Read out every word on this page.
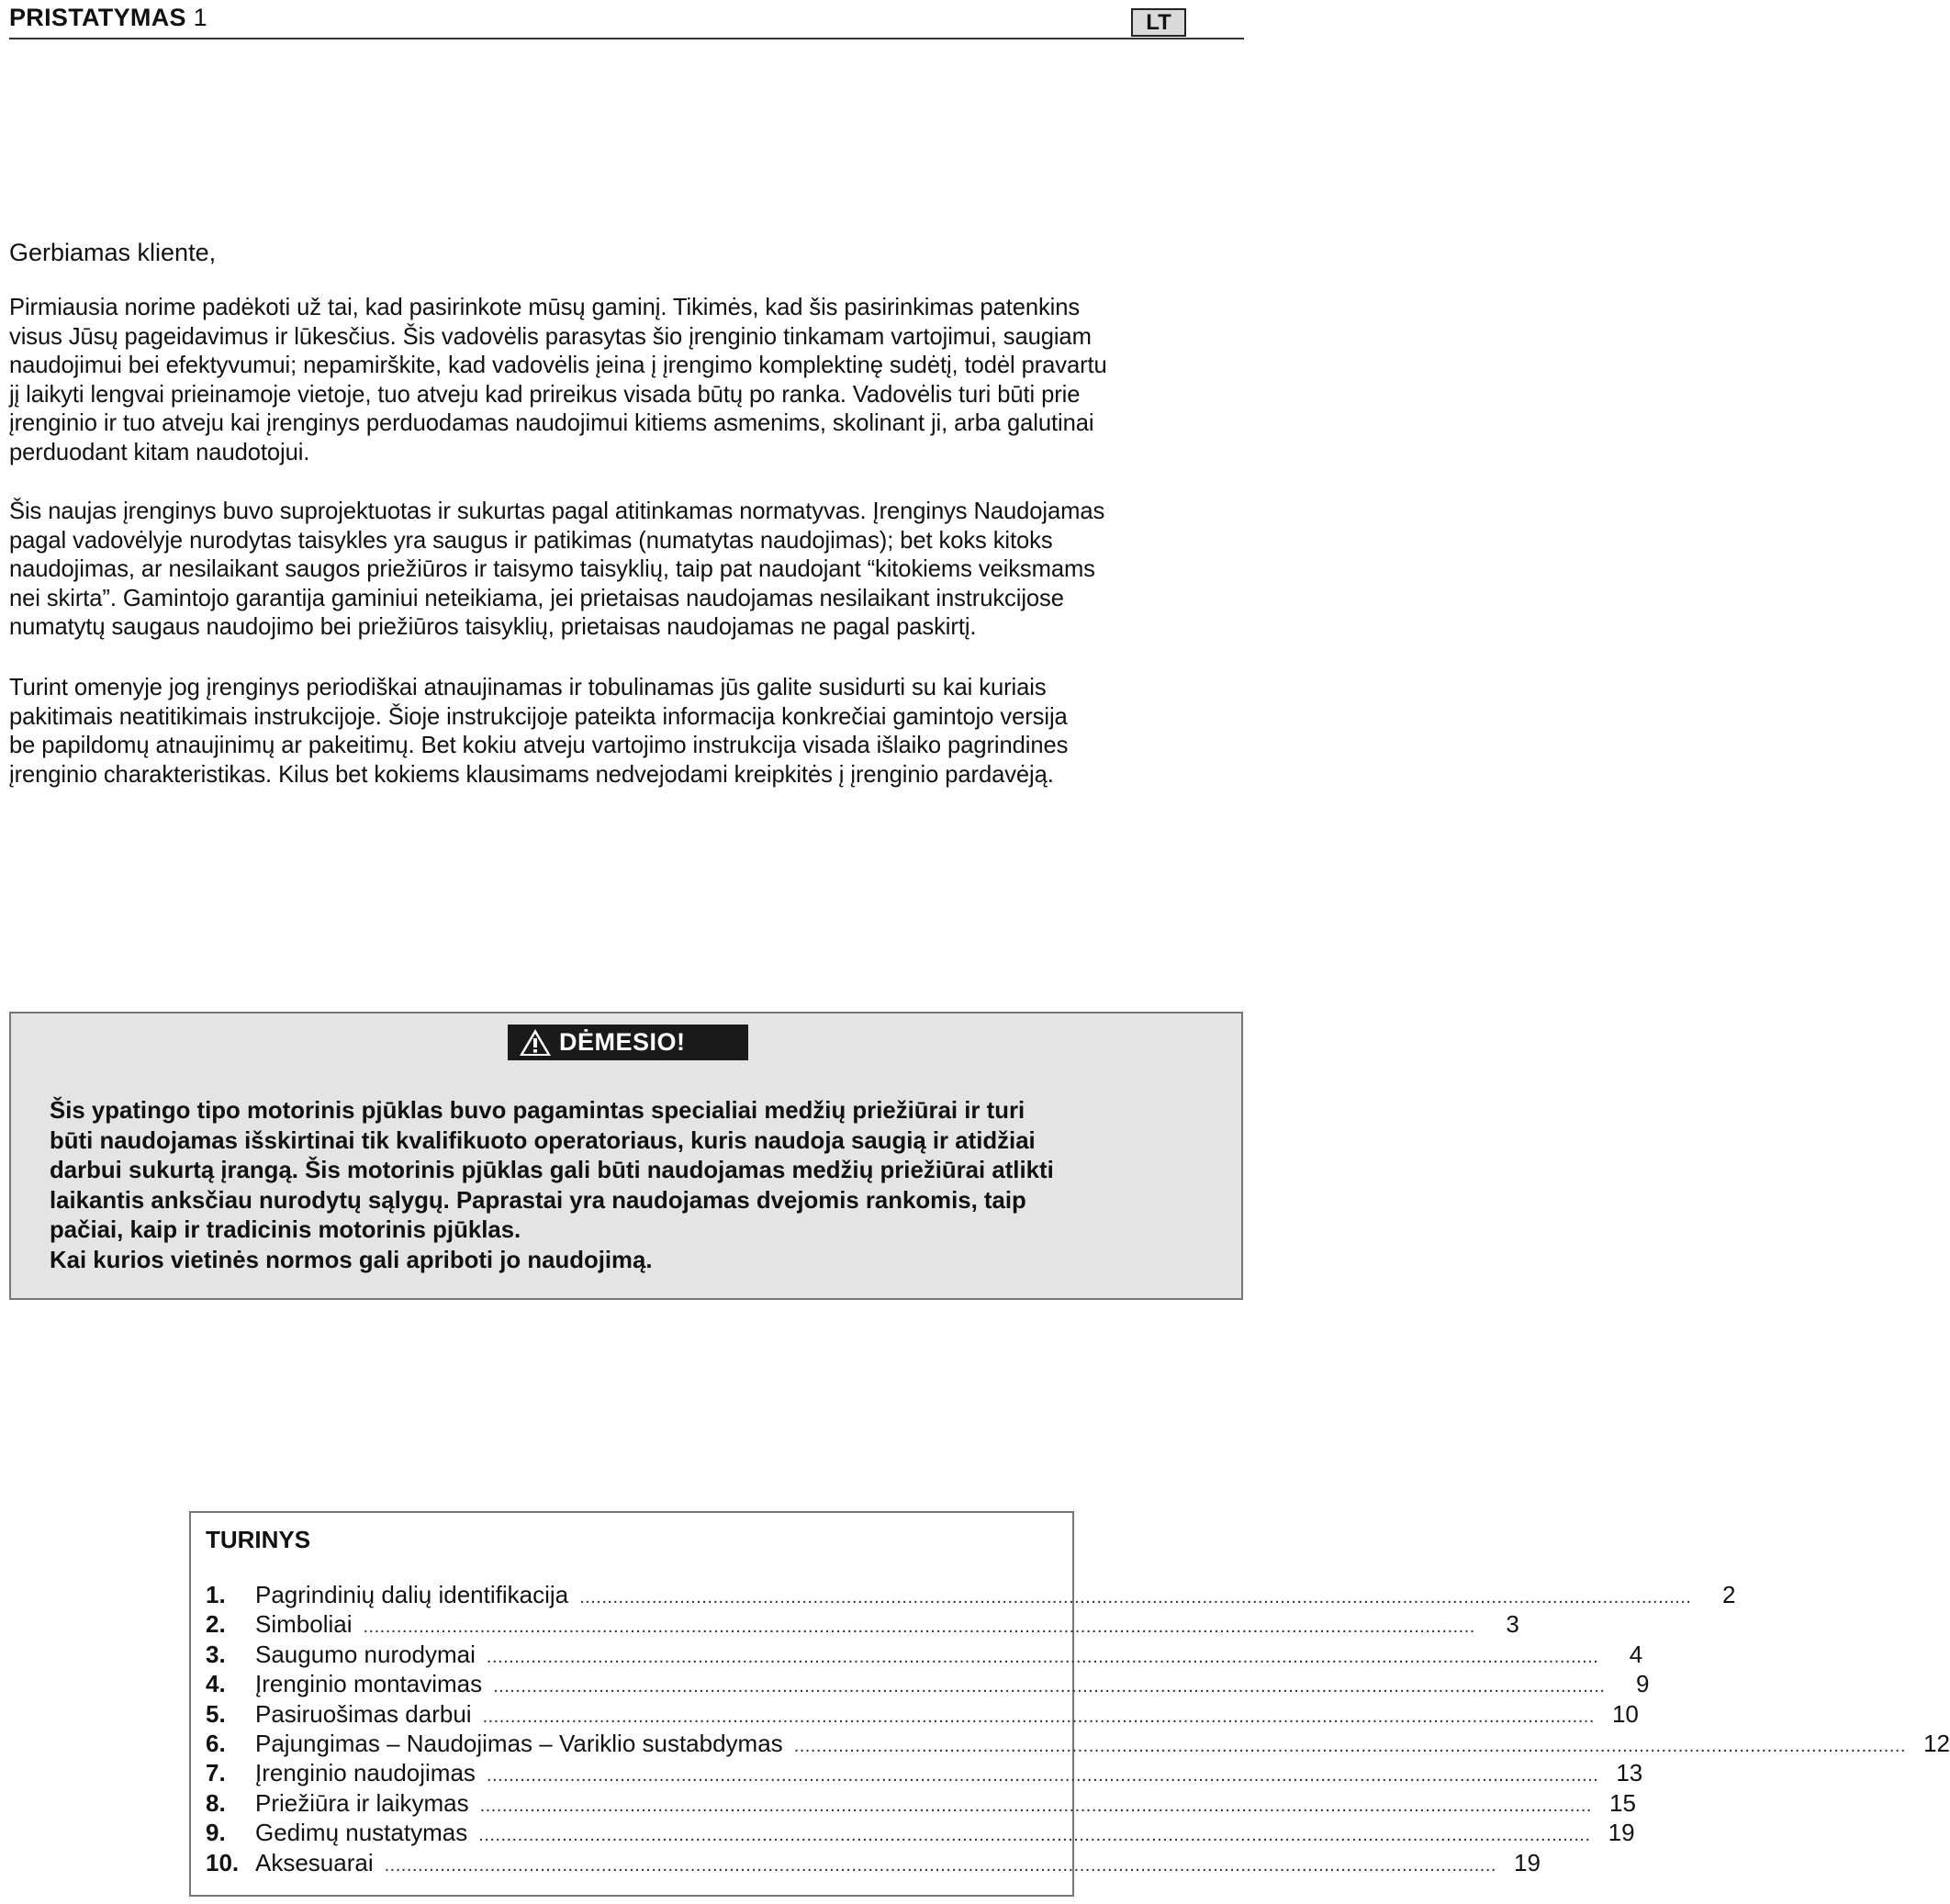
PRISTATYMAS 1	LT
Gerbiamas kliente,
Pirmiausia norime padėkoti už tai, kad pasirinkote mūsų gaminį. Tikimės, kad šis pasirinkimas patenkins
visus Jūsų pageidavimus ir lūkesčius. Šis vadovėlis parasytas šio įrenginio tinkamam vartojimui, saugiam
naudojimui bei efektyvumui; nepamirškite, kad vadovėlis įeina į įrengimo komplektinę sudėtį, todėl pravartu
jį laikyti lengvai prieinamoje vietoje, tuo atveju kad prireikus visada būtų po ranka. Vadovėlis turi būti prie
įrenginio ir tuo atveju kai įrenginys perduodamas naudojimui kitiems asmenims, skolinant ji, arba galutinai
perduodant kitam naudotojui.
Šis naujas įrenginys buvo suprojektuotas ir sukurtas pagal atitinkamas normatyvas. Įrenginys Naudojamas
pagal vadovėlyje nurodytas taisykles yra saugus ir patikimas (numatytas naudojimas); bet koks kitoks
naudojimas, ar nesilaikant saugos priežiūros ir taisymo taisyklių, taip pat naudojant “kitokiems veiksmams
nei skirta”. Gamintojo garantija gaminiui neteikiama, jei prietaisas naudojamas nesilaikant instrukcijose
numatytų saugaus naudojimo bei priežiūros taisyklių, prietaisas naudojamas ne pagal paskirtį.
Turint omenyje jog įrenginys periodiškai atnaujinamas ir tobulinamas jūs galite susidurti su kai kuriais
pakitimais neatitikimais instrukcijoje. Šioje instrukcijoje pateikta informacija konkrečiai gamintojo versija
be papildomų atnaujinimų ar pakeitimų. Bet kokiu atveju vartojimo instrukcija visada išlaiko pagrindines
įrenginio charakteristikas. Kilus bet kokiems klausimams nedvejodami kreipkitės į įrenginio pardavėją.
DĖMESIO!
Šis ypatingo tipo motorinis pjūklas buvo pagamintas specialiai medžių priežiūrai ir turi
būti naudojamas išskirtinai tik kvalifikuoto operatoriaus, kuris naudoja saugią ir atidžiai
darbui sukurtą įrangą. Šis motorinis pjūklas gali būti naudojamas medžių priežiūrai atlikti
laikantis anksčiau nurodytų sąlygų. Paprastai yra naudojamas dvejomis rankomis, taip
pačiai, kaip ir tradicinis motorinis pjūklas.
Kai kurios vietinės normos gali apriboti jo naudojimą.
TURINYS
1.	Pagrindinių dalių identifikacija ........................................................................................................................................................................................................	2
2.	Simboliai ........................................................................................................................................................................................................	3
3.	Saugumo nurodymai ........................................................................................................................................................................................................	4
4.	Įrenginio montavimas ........................................................................................................................................................................................................	9
5.	Pasiruošimas darbui ........................................................................................................................................................................................................ 10
6.	Pajungimas – Naudojimas – Variklio sustabdymas ........................................................................................................................................................................................................ 12
7.	Įrenginio naudojimas ........................................................................................................................................................................................................ 13
8.	Priežiūra ir laikymas ........................................................................................................................................................................................................ 15
9.	Gedimų nustatymas ........................................................................................................................................................................................................ 19
10. Aksesuarai ........................................................................................................................................................................................................ 19
